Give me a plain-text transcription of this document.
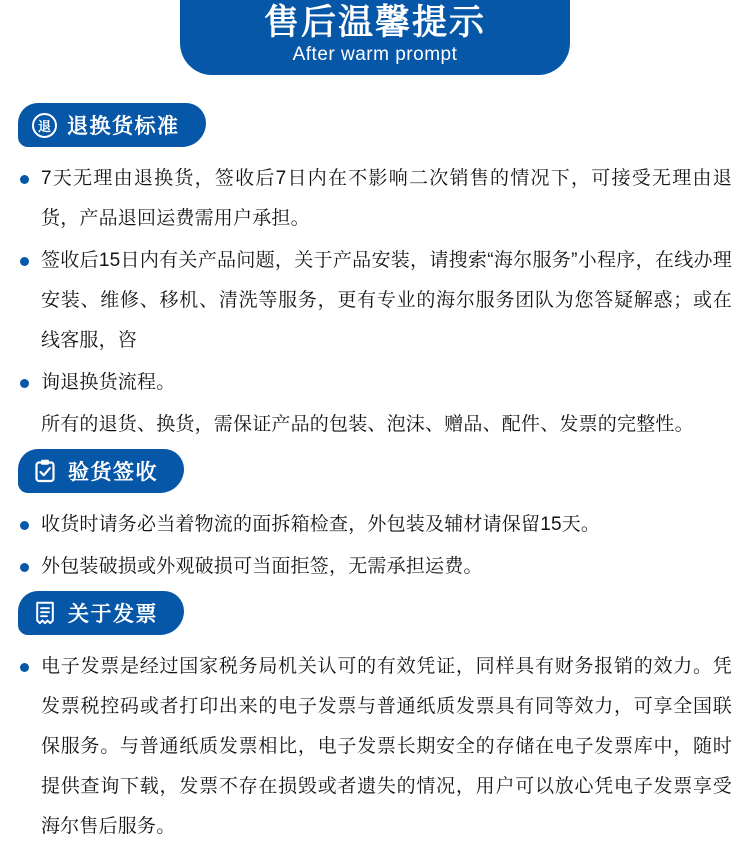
售后温馨提示
After warm prompt
退 退换货标准
7天无理由退换货，签收后7日内在不影响二次销售的情况下，可接受无理由退货，产品退回运费需用户承担。
签收后15日内有关产品问题，关于产品安装，请搜索“海尔服务”小程序，在线办理安装、维修、移机、清洗等服务，更有专业的海尔服务团队为您答疑解惑；或在线客服，咨
询退换货流程。
所有的退货、换货，需保证产品的包装、泡沫、赠品、配件、发票的完整性。
验货签收
收货时请务必当着物流的面拆箱检查，外包装及辅材请保留15天。
外包装破损或外观破损可当面拒签，无需承担运费。
关于发票
电子发票是经过国家税务局机关认可的有效凭证，同样具有财务报销的效力。凭发票税控码或者打印出来的电子发票与普通纸质发票具有同等效力，可享全国联保服务。与普通纸质发票相比，电子发票长期安全的存储在电子发票库中，随时提供查询下载，发票不存在损毁或者遗失的情况，用户可以放心凭电子发票享受海尔售后服务。
